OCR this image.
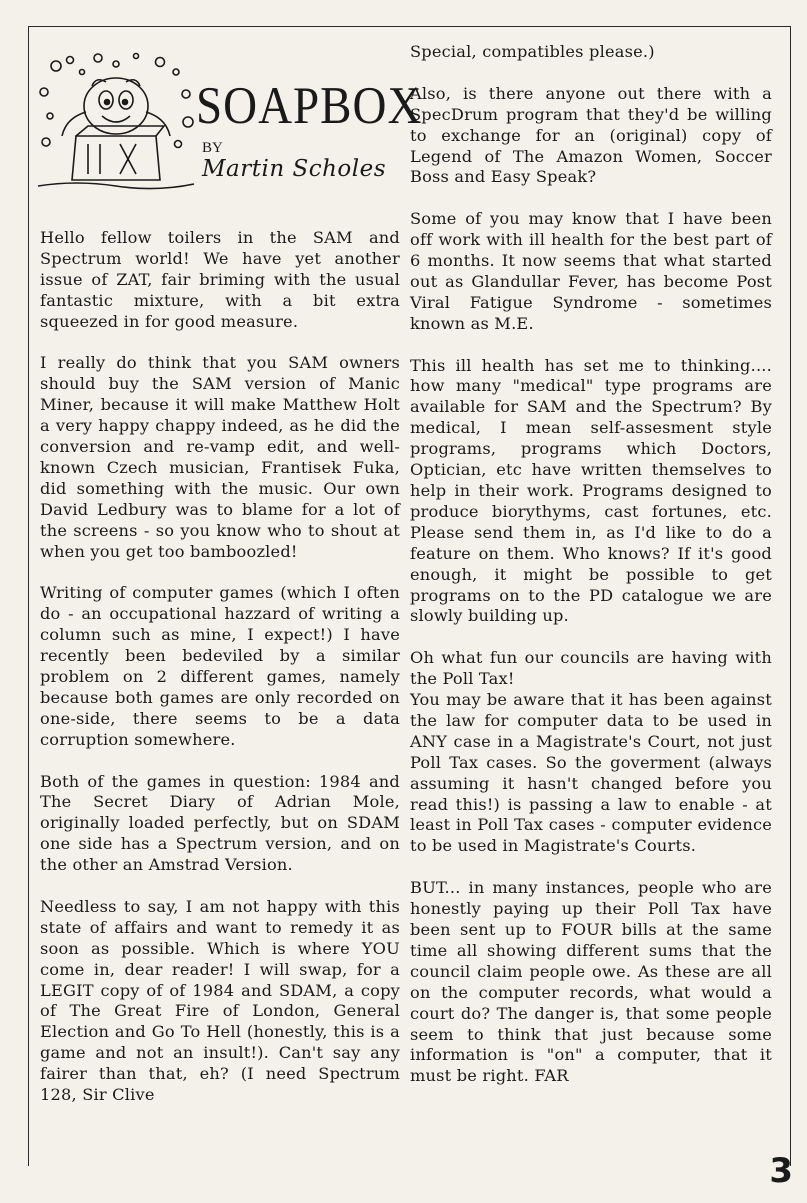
SOAPBOX
BY
Martin Scholes

Hello fellow toilers in the SAM and Spectrum world! We have yet another issue of ZAT, fair briming with the usual fantastic mixture, with a bit extra squeezed in for good measure.

I really do think that you SAM owners should buy the SAM version of Manic Miner, because it will make Matthew Holt a very happy chappy indeed, as he did the conversion and re-vamp edit, and well-known Czech musician, Frantisek Fuka, did something with the music. Our own David Ledbury was to blame for a lot of the screens - so you know who to shout at when you get too bamboozled!

Writing of computer games (which I often do - an occupational hazzard of writing a column such as mine, I expect!) I have recently been bedeviled by a similar problem on 2 different games, namely because both games are only recorded on one-side, there seems to be a data corruption somewhere.

Both of the games in question: 1984 and The Secret Diary of Adrian Mole, originally loaded perfectly, but on SDAM one side has a Spectrum version, and on the other an Amstrad Version.

Needless to say, I am not happy with this state of affairs and want to remedy it as soon as possible. Which is where YOU come in, dear reader! I will swap, for a LEGIT copy of of 1984 and SDAM, a copy of The Great Fire of London, General Election and Go To Hell (honestly, this is a game and not an insult!). Can't say any fairer than that, eh? (I need Spectrum 128, Sir Clive

Special, compatibles please.)

Also, is there anyone out there with a SpecDrum program that they'd be willing to exchange for an (original) copy of Legend of The Amazon Women, Soccer Boss and Easy Speak?

Some of you may know that I have been off work with ill health for the best part of 6 months. It now seems that what started out as Glandullar Fever, has become Post Viral Fatigue Syndrome - sometimes known as M.E.

This ill health has set me to thinking.... how many "medical" type programs are available for SAM and the Spectrum? By medical, I mean self-assesment style programs, programs which Doctors, Optician, etc have written themselves to help in their work. Programs designed to produce biorythyms, cast fortunes, etc. Please send them in, as I'd like to do a feature on them. Who knows? If it's good enough, it might be possible to get programs on to the PD catalogue we are slowly building up.

Oh what fun our councils are having with the Poll Tax!
You may be aware that it has been against the law for computer data to be used in ANY case in a Magistrate's Court, not just Poll Tax cases. So the goverment (always assuming it hasn't changed before you read this!) is passing a law to enable - at least in Poll Tax cases - computer evidence to be used in Magistrate's Courts.

BUT... in many instances, people who are honestly paying up their Poll Tax have been sent up to FOUR bills at the same time all showing different sums that the council claim people owe. As these are all on the computer records, what would a court do? The danger is, that some people seem to think that just because some information is "on" a computer, that it must be right. FAR

3
